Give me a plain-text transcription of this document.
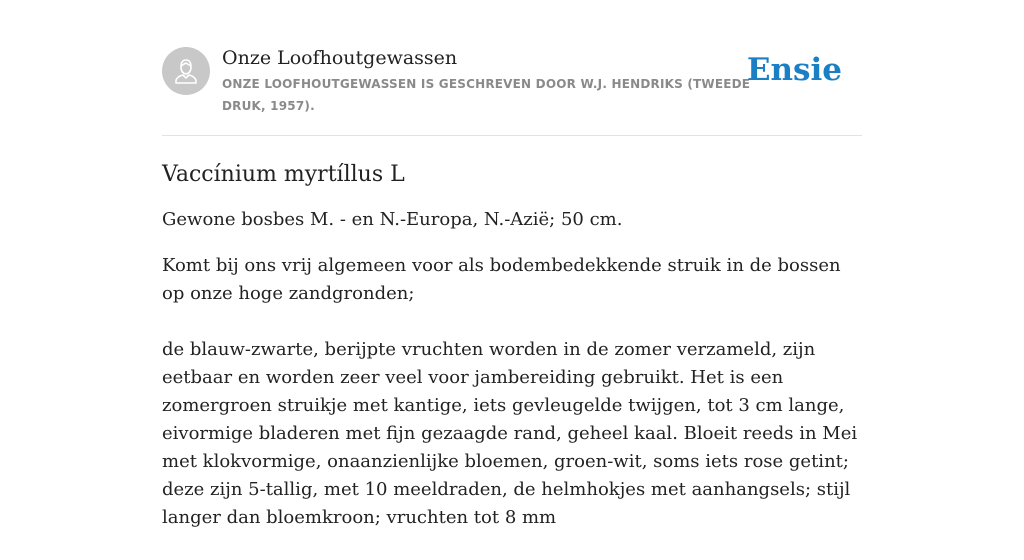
Onze Loofhoutgewassen
ONZE LOOFHOUTGEWASSEN IS GESCHREVEN DOOR W.J. HENDRIKS (TWEEDE DRUK, 1957).
Ensie
Vaccínium myrtíllus L
Gewone bosbes M. - en N.-Europa, N.-Azië; 50 cm.

Komt bij ons vrij algemeen voor als bodembedekkende struik in de bossen op onze hoge zandgronden;

de blauw-zwarte, berijpte vruchten worden in de zomer verzameld, zijn eetbaar en worden zeer veel voor jambereiding gebruikt. Het is een zomergroen struikje met kantige, iets gevleugelde twijgen, tot 3 cm lange, eivormige bladeren met fijn gezaagde rand, geheel kaal. Bloeit reeds in Mei met klokvormige, onaanzienlijke bloemen, groen-wit, soms iets rose getint; deze zijn 5-tallig, met 10 meeldraden, de helmhokjes met aanhangsels; stijl langer dan bloemkroon; vruchten tot 8 mm
